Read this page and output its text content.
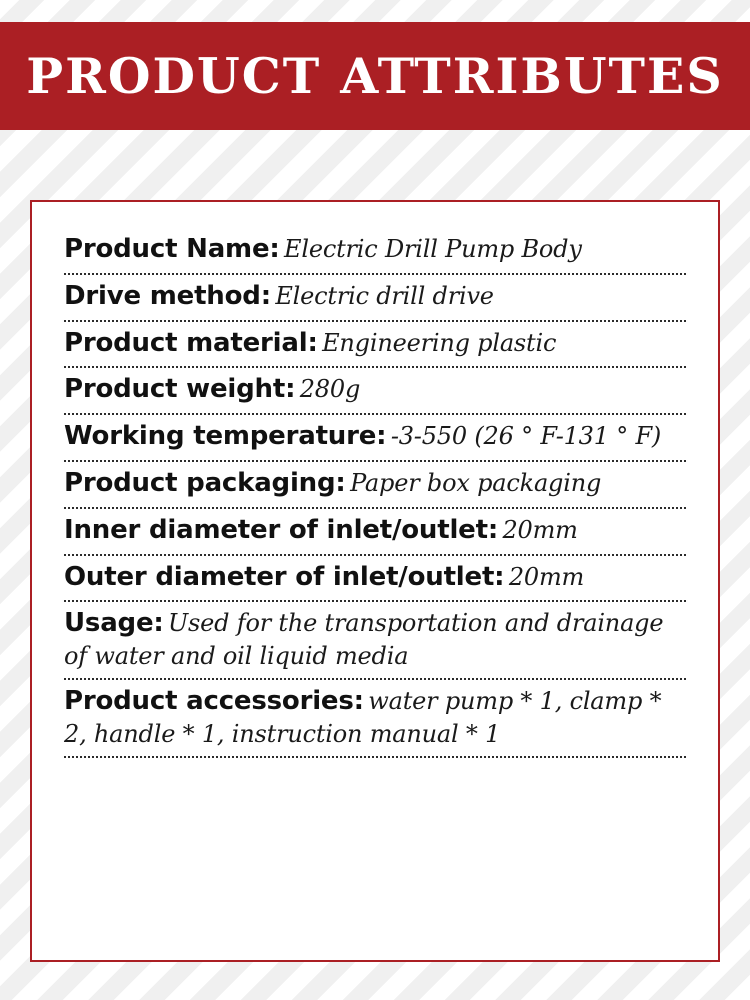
PRODUCT ATTRIBUTES
Product Name: Electric Drill Pump Body
Drive method: Electric drill drive
Product material: Engineering plastic
Product weight: 280g
Working temperature: -3-550 (26 ° F-131 ° F)
Product packaging: Paper box packaging
Inner diameter of inlet/outlet: 20mm
Outer diameter of inlet/outlet: 20mm
Usage: Used for the transportation and drainage of water and oil liquid media
Product accessories: water pump * 1, clamp * 2, handle * 1, instruction manual * 1
